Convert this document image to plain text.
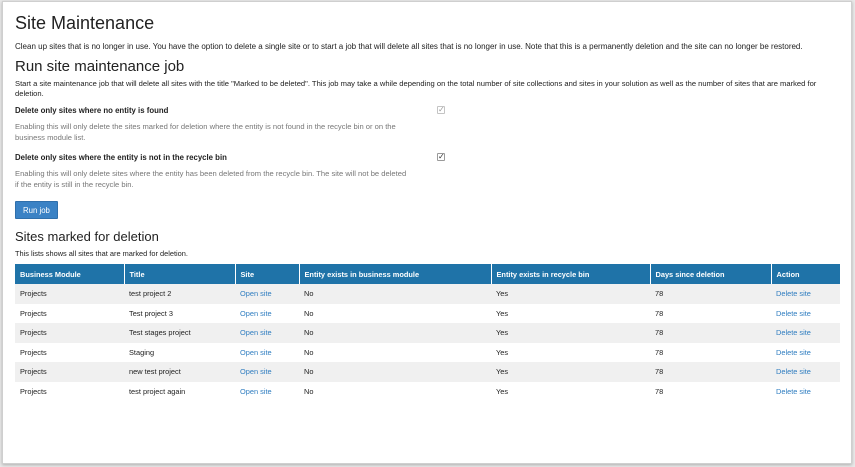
Site Maintenance

Clean up sites that is no longer in use. You have the option to delete a single site or to start a job that will delete all sites that is no longer in use. Note that this is a permanently deletion and the site can no longer be restored.

Run site maintenance job

Start a site maintenance job that will delete all sites with the title "Marked to be deleted". This job may take a while depending on the total number of site collections and sites in your solution as well as the number of sites that are marked for deletion.

Delete only sites where no entity is found	✓
Enabling this will only delete the sites marked for deletion where the entity is not found in the recycle bin or on the business module list.
Delete only sites where the entity is not in the recycle bin	✓
Enabling this will only delete sites where the entity has been deleted from the recycle bin. The site will not be deleted if the entity is still in the recycle bin.
Run job
Sites marked for deletion

This lists shows all sites that are marked for deletion.

Business Module	Title	Site	Entity exists in business module	Entity exists in recycle bin	Days since deletion	Action
Projects	test project 2	Open site	No	Yes	78	Delete site
Projects	Test project 3	Open site	No	Yes	78	Delete site
Projects	Test stages project	Open site	No	Yes	78	Delete site
Projects	Staging	Open site	No	Yes	78	Delete site
Projects	new test project	Open site	No	Yes	78	Delete site
Projects	test project again	Open site	No	Yes	78	Delete site
